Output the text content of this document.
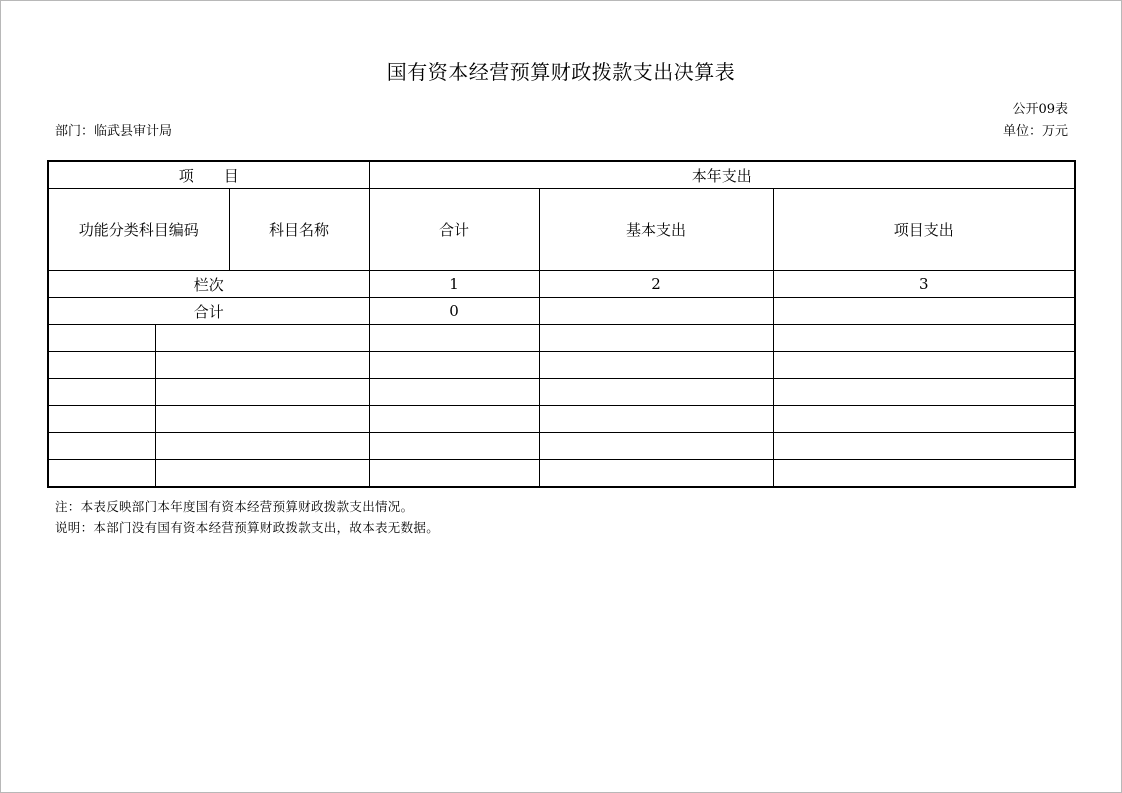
国有资本经营预算财政拨款支出决算表
公开09表
部门：临武县审计局	单位：万元
项　　目			本年支出		
功能分类科目编码		科目名称	合计	基本支出	项目支出
栏次			1	2	3
合计			0		

注：本表反映部门本年度国有资本经营预算财政拨款支出情况。
说明：本部门没有国有资本经营预算财政拨款支出，故本表无数据。
